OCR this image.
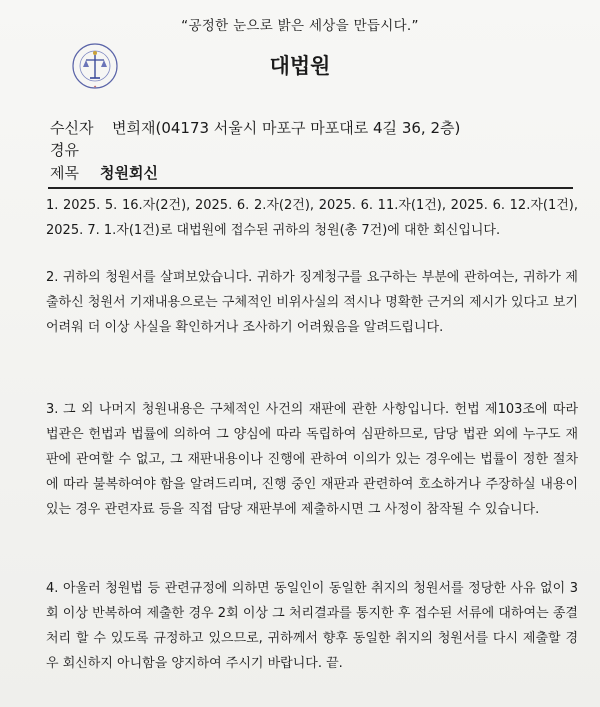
“공정한 눈으로 밝은 세상을 만듭시다.”
✦
대법원
수신자 변희재(04173 서울시 마포구 마포대로 4길 36, 2층)
경유
제목 청원회신
1. 2025. 5. 16.자(2건), 2025. 6. 2.자(2건), 2025. 6. 11.자(1건), 2025. 6. 12.자(1건), 2025. 7. 1.자(1건)로 대법원에 접수된 귀하의 청원(총 7건)에 대한 회신입니다.
2. 귀하의 청원서를 살펴보았습니다. 귀하가 징계청구를 요구하는 부분에 관하여는, 귀하가 제출하신 청원서 기재내용으로는 구체적인 비위사실의 적시나 명확한 근거의 제시가 있다고 보기 어려워 더 이상 사실을 확인하거나 조사하기 어려웠음을 알려드립니다.
3. 그 외 나머지 청원내용은 구체적인 사건의 재판에 관한 사항입니다. 헌법 제103조에 따라 법관은 헌법과 법률에 의하여 그 양심에 따라 독립하여 심판하므로, 담당 법관 외에 누구도 재판에 관여할 수 없고, 그 재판내용이나 진행에 관하여 이의가 있는 경우에는 법률이 정한 절차에 따라 불복하여야 함을 알려드리며, 진행 중인 재판과 관련하여 호소하거나 주장하실 내용이 있는 경우 관련자료 등을 직접 담당 재판부에 제출하시면 그 사정이 참작될 수 있습니다.
4. 아울러 청원법 등 관련규정에 의하면 동일인이 동일한 취지의 청원서를 정당한 사유 없이 3회 이상 반복하여 제출한 경우 2회 이상 그 처리결과를 통지한 후 접수된 서류에 대하여는 종결처리 할 수 있도록 규정하고 있으므로, 귀하께서 향후 동일한 취지의 청원서를 다시 제출할 경우 회신하지 아니함을 양지하여 주시기 바랍니다. 끝.
